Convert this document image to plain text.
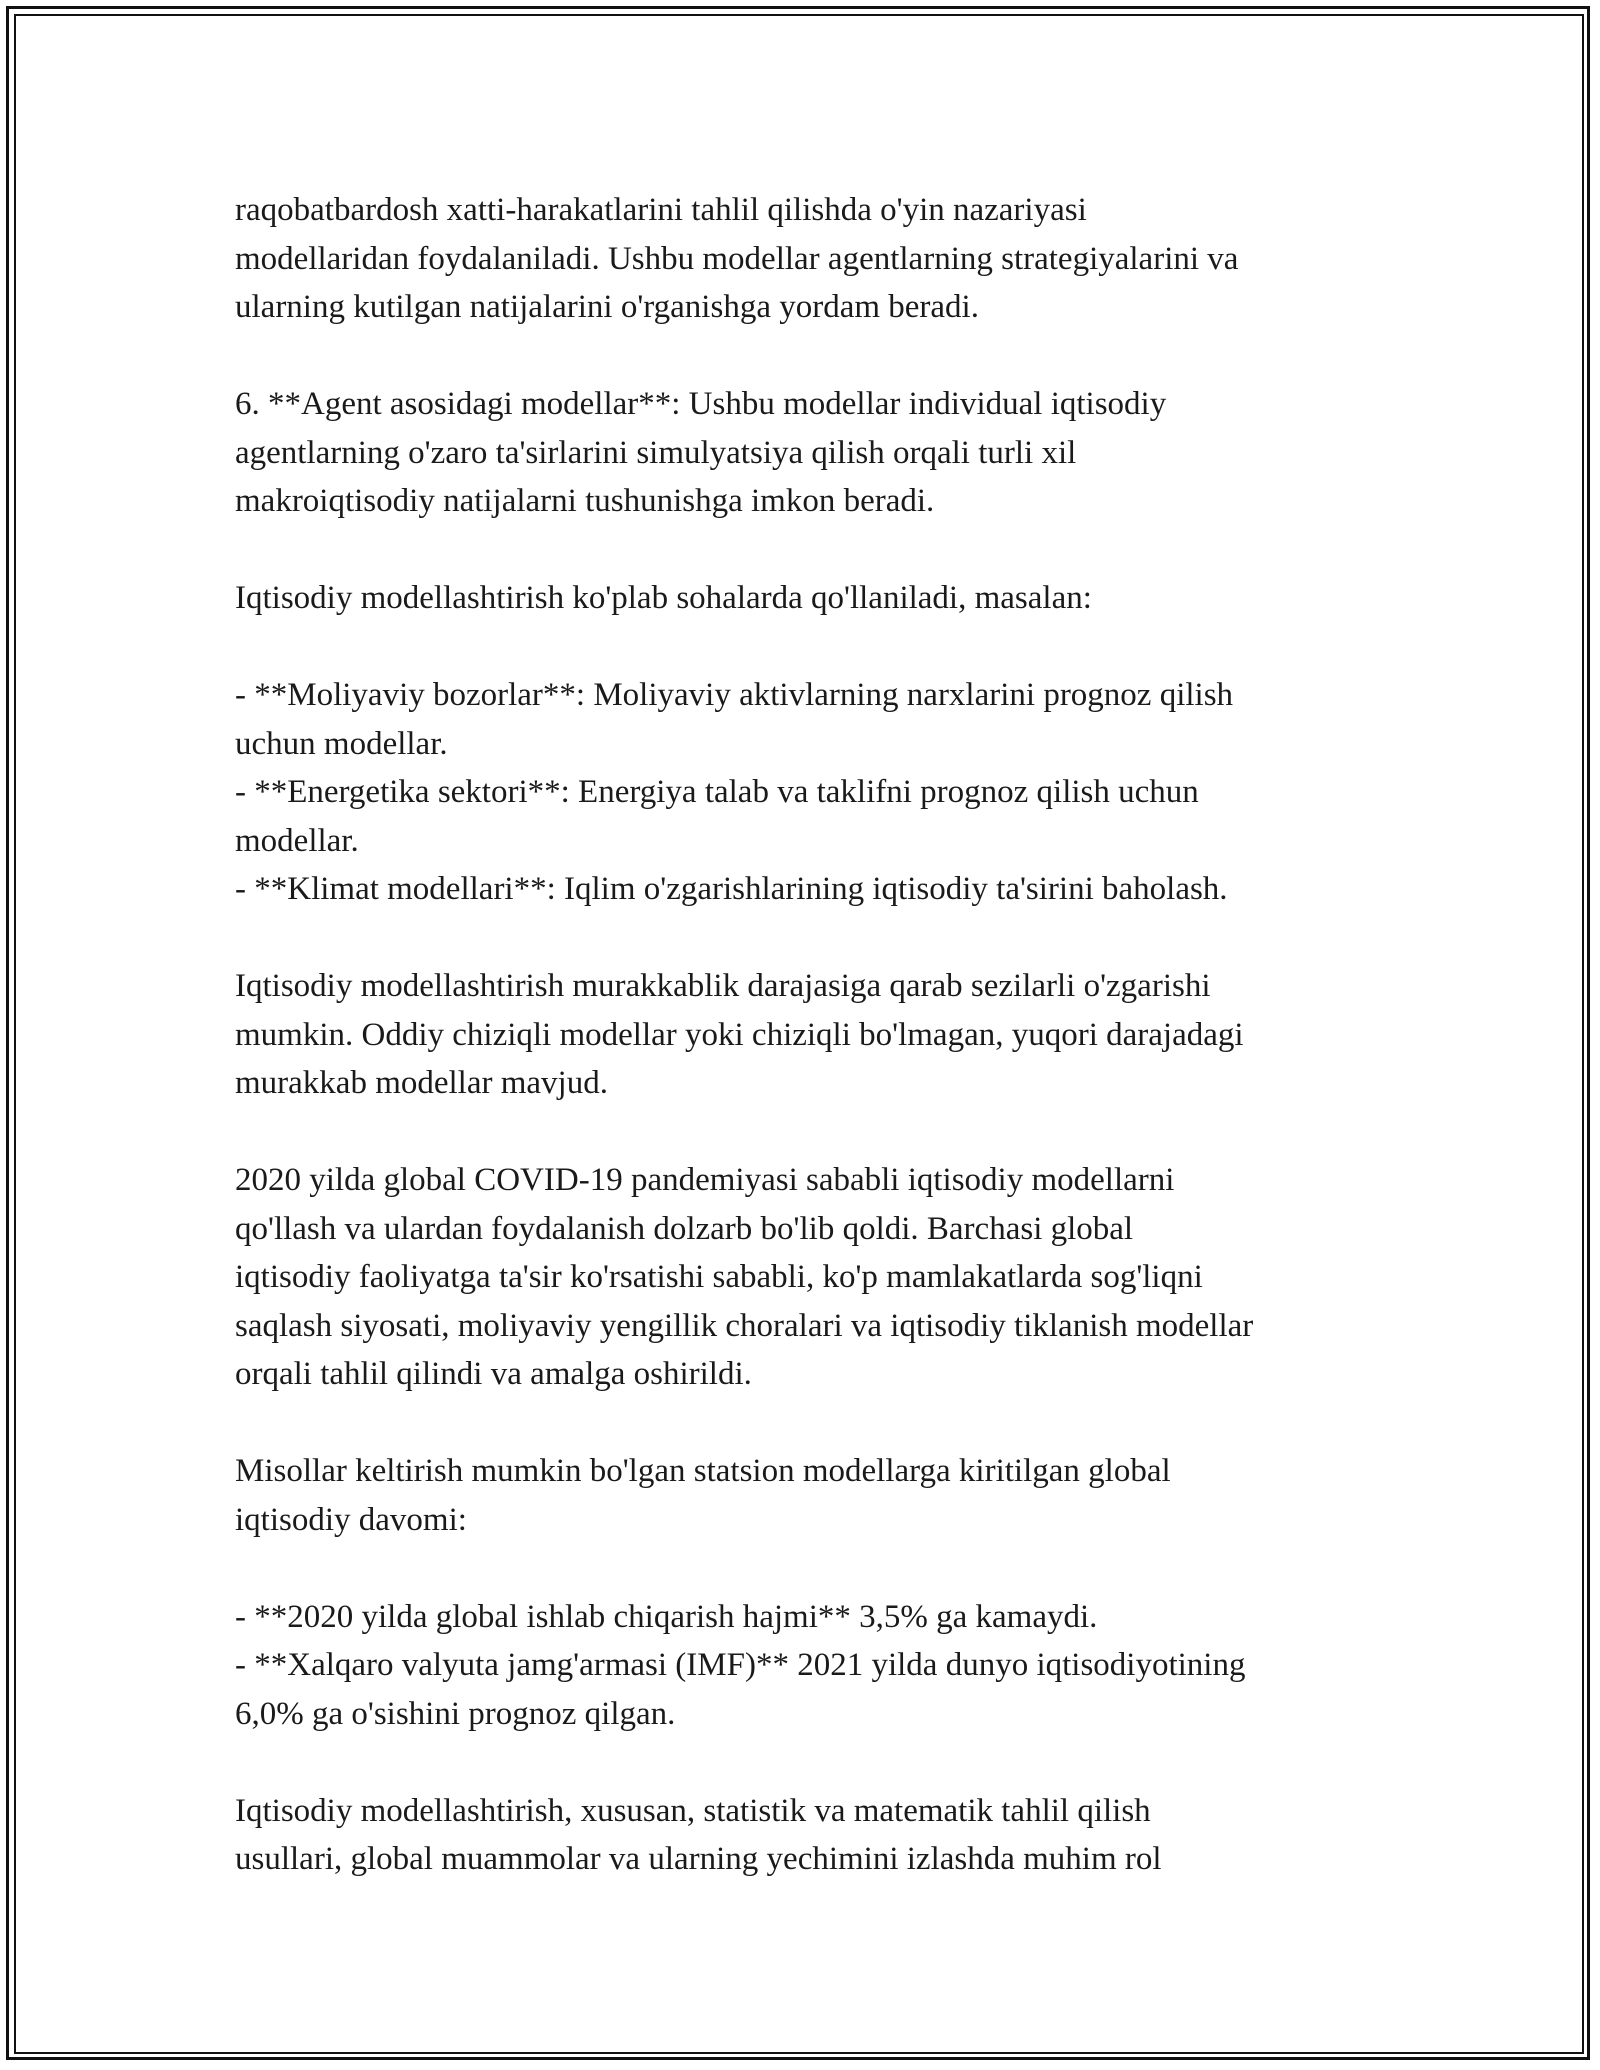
raqobatbardosh xatti-harakatlarini tahlil qilishda o'yin nazariyasi
modellaridan foydalaniladi. Ushbu modellar agentlarning strategiyalarini va
ularning kutilgan natijalarini o'rganishga yordam beradi.

6. **Agent asosidagi modellar**: Ushbu modellar individual iqtisodiy
agentlarning o'zaro ta'sirlarini simulyatsiya qilish orqali turli xil
makroiqtisodiy natijalarni tushunishga imkon beradi.

Iqtisodiy modellashtirish ko'plab sohalarda qo'llaniladi, masalan:

- **Moliyaviy bozorlar**: Moliyaviy aktivlarning narxlarini prognoz qilish
uchun modellar.
- **Energetika sektori**: Energiya talab va taklifni prognoz qilish uchun
modellar.
- **Klimat modellari**: Iqlim o'zgarishlarining iqtisodiy ta'sirini baholash.

Iqtisodiy modellashtirish murakkablik darajasiga qarab sezilarli o'zgarishi
mumkin. Oddiy chiziqli modellar yoki chiziqli bo'lmagan, yuqori darajadagi
murakkab modellar mavjud.

2020 yilda global COVID-19 pandemiyasi sababli iqtisodiy modellarni
qo'llash va ulardan foydalanish dolzarb bo'lib qoldi. Barchasi global
iqtisodiy faoliyatga ta'sir ko'rsatishi sababli, ko'p mamlakatlarda sog'liqni
saqlash siyosati, moliyaviy yengillik choralari va iqtisodiy tiklanish modellar
orqali tahlil qilindi va amalga oshirildi.

Misollar keltirish mumkin bo'lgan statsion modellarga kiritilgan global
iqtisodiy davomi:

- **2020 yilda global ishlab chiqarish hajmi** 3,5% ga kamaydi.
- **Xalqaro valyuta jamg'armasi (IMF)** 2021 yilda dunyo iqtisodiyotining
6,0% ga o'sishini prognoz qilgan.

Iqtisodiy modellashtirish, xususan, statistik va matematik tahlil qilish
usullari, global muammolar va ularning yechimini izlashda muhim rol
